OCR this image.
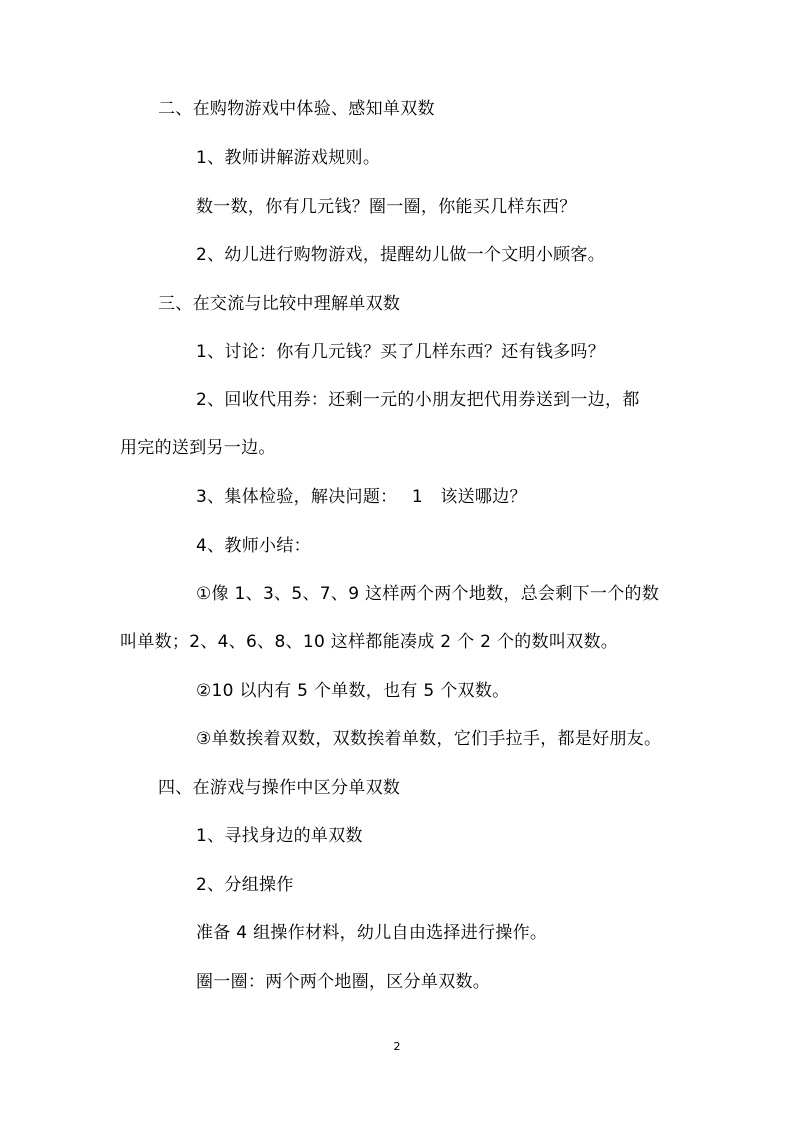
二、在购物游戏中体验、感知单双数
1、教师讲解游戏规则。
数一数，你有几元钱？圈一圈，你能买几样东西？
2、幼儿进行购物游戏，提醒幼儿做一个文明小顾客。
三、在交流与比较中理解单双数
1、讨论：你有几元钱？买了几样东西？还有钱多吗？
2、回收代用券：还剩一元的小朋友把代用券送到一边，都
用完的送到另一边。
3、集体检验，解决问题：　 1　该送哪边？
4、教师小结：
①像 1、3、5、7、9 这样两个两个地数，总会剩下一个的数
叫单数；2、4、6、8、10 这样都能凑成 2 个 2 个的数叫双数。
②10 以内有 5 个单数，也有 5 个双数。
③单数挨着双数，双数挨着单数，它们手拉手，都是好朋友。
四、在游戏与操作中区分单双数
1、寻找身边的单双数
2、分组操作
准备 4 组操作材料，幼儿自由选择进行操作。
圈一圈：两个两个地圈，区分单双数。
2
